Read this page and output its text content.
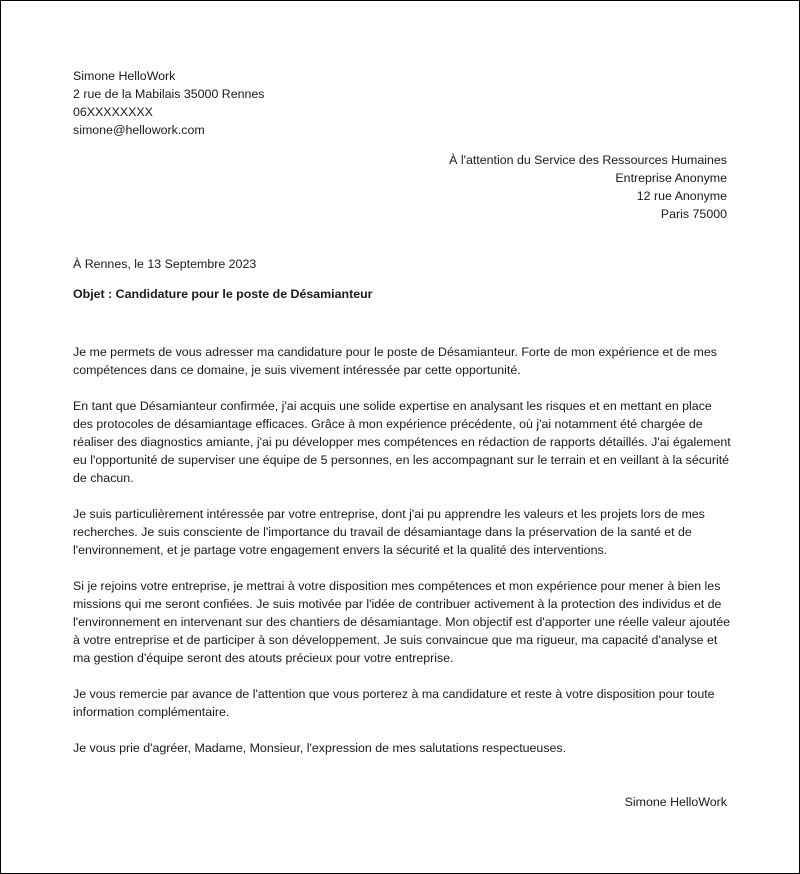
Simone HelloWork
2 rue de la Mabilais 35000 Rennes
06XXXXXXXX
simone@hellowork.com
À l'attention du Service des Ressources Humaines
Entreprise Anonyme
12 rue Anonyme
Paris 75000
À Rennes, le 13 Septembre 2023
Objet : Candidature pour le poste de Désamianteur

Je me permets de vous adresser ma candidature pour le poste de Désamianteur. Forte de mon expérience et de mes compétences dans ce domaine, je suis vivement intéressée par cette opportunité.

En tant que Désamianteur confirmée, j'ai acquis une solide expertise en analysant les risques et en mettant en place des protocoles de désamiantage efficaces. Grâce à mon expérience précédente, où j'ai notamment été chargée de réaliser des diagnostics amiante, j'ai pu développer mes compétences en rédaction de rapports détaillés. J'ai également eu l'opportunité de superviser une équipe de 5 personnes, en les accompagnant sur le terrain et en veillant à la sécurité de chacun.

Je suis particulièrement intéressée par votre entreprise, dont j'ai pu apprendre les valeurs et les projets lors de mes recherches. Je suis consciente de l'importance du travail de désamiantage dans la préservation de la santé et de l'environnement, et je partage votre engagement envers la sécurité et la qualité des interventions.

Si je rejoins votre entreprise, je mettrai à votre disposition mes compétences et mon expérience pour mener à bien les missions qui me seront confiées. Je suis motivée par l'idée de contribuer activement à la protection des individus et de l'environnement en intervenant sur des chantiers de désamiantage. Mon objectif est d'apporter une réelle valeur ajoutée à votre entreprise et de participer à son développement. Je suis convaincue que ma rigueur, ma capacité d'analyse et ma gestion d'équipe seront des atouts précieux pour votre entreprise.

Je vous remercie par avance de l'attention que vous porterez à ma candidature et reste à votre disposition pour toute information complémentaire.

Je vous prie d'agréer, Madame, Monsieur, l'expression de mes salutations respectueuses.
Simone HelloWork
